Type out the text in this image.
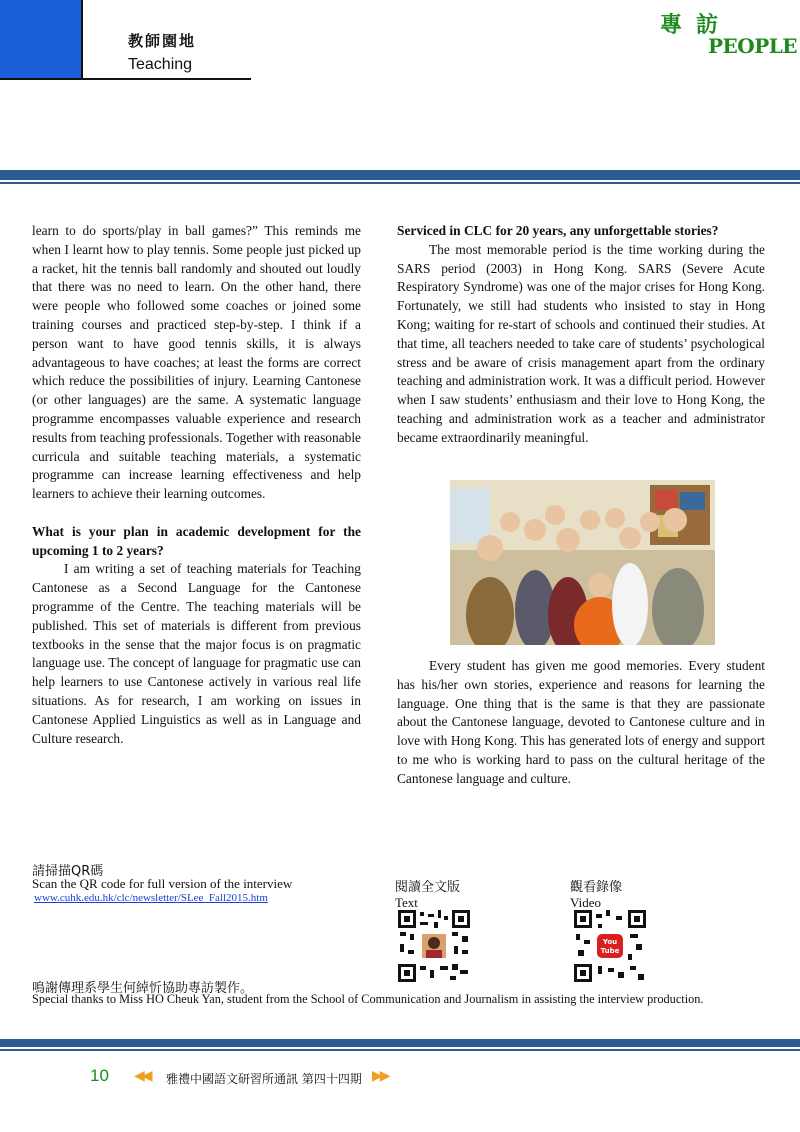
教師園地
Teaching
專訪
PEOPLE

learn to do sports/play in ball games?” This reminds me when I learnt how to play tennis. Some people just picked up a racket, hit the tennis ball randomly and shouted out loudly that there was no need to learn. On the other hand, there were people who followed some coaches or joined some training courses and practiced step-by-step. I think if a person want to have good tennis skills, it is always advantageous to have coaches; at least the forms are correct which reduce the possibilities of injury. Learning Cantonese (or other languages) are the same. A systematic language programme encompasses valuable experience and research results from teaching professionals. Together with reasonable curricula and suitable teaching materials, a systematic programme can increase learning effectiveness and help learners to achieve their learning outcomes.

What is your plan in academic development for the upcoming 1 to 2 years?

I am writing a set of teaching materials for Teaching Cantonese as a Second Language for the Cantonese programme of the Centre. The teaching materials will be published. This set of materials is different from previous textbooks in the sense that the major focus is on pragmatic language use. The concept of language for pragmatic use can help learners to use Cantonese actively in various real life situations. As for research, I am working on issues in Cantonese Applied Linguistics as well as in Language and Culture research.

Serviced in CLC for 20 years, any unforgettable stories?

The most memorable period is the time working during the SARS period (2003) in Hong Kong. SARS (Severe Acute Respiratory Syndrome) was one of the major crises for Hong Kong. Fortunately, we still had students who insisted to stay in Hong Kong; waiting for re-start of schools and continued their studies. At that time, all teachers needed to take care of students’ psychological stress and be aware of crisis management apart from the ordinary teaching and administration work. It was a difficult period. However when I saw students’ enthusiasm and their love to Hong Kong, the teaching and administration work as a teacher and administrator became extraordinarily meaningful.

Every student has given me good memories. Every student has his/her own stories, experience and reasons for learning the language. One thing that is the same is that they are passionate about the Cantonese language, devoted to Cantonese culture and in love with Hong Kong. This has generated lots of energy and support to me who is working hard to pass on the cultural heritage of the Cantonese language and culture.

請掃描QR碼
Scan the QR code for full version of the interview
www.cuhk.edu.hk/clc/newsletter/SLee_Fall2015.htm
閱讀全文版
Text
觀看錄像
Video
You
Tube
鳴謝傳理系學生何綽忻協助專訪製作。
Special thanks to Miss HO Cheuk Yan, student from the School of Communication and Journalism in assisting the interview production.
10 ◀◀ 雅禮中國語文研習所通訊 第四十四期 ▶▶
